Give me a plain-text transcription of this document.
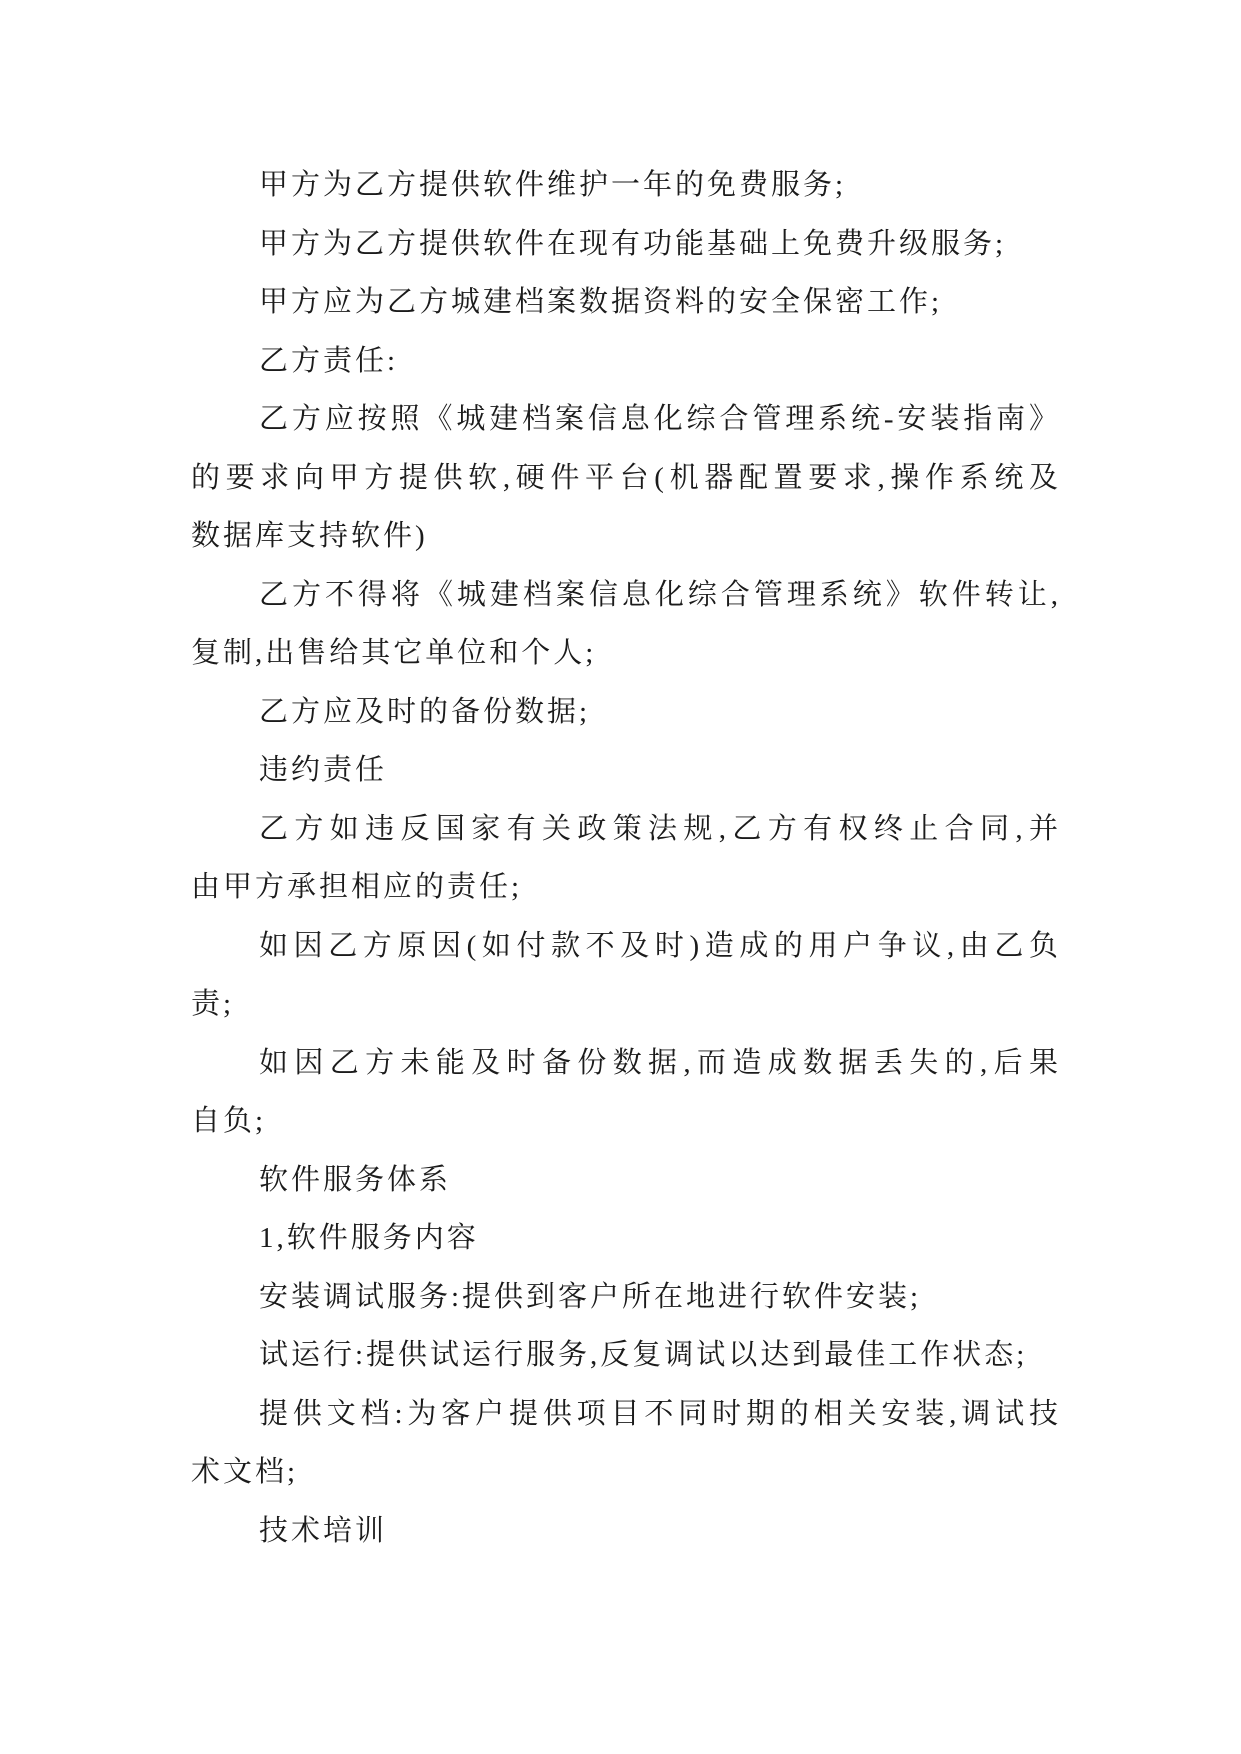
甲方为乙方提供软件维护一年的免费服务;
甲方为乙方提供软件在现有功能基础上免费升级服务;
甲方应为乙方城建档案数据资料的安全保密工作;
乙方责任:
乙方应按照《城建档案信息化综合管理系统-安装指南》
的要求向甲方提供软,硬件平台(机器配置要求,操作系统及
数据库支持软件)
乙方不得将《城建档案信息化综合管理系统》软件转让,
复制,出售给其它单位和个人;
乙方应及时的备份数据;
违约责任
乙方如违反国家有关政策法规,乙方有权终止合同,并
由甲方承担相应的责任;
如因乙方原因(如付款不及时)造成的用户争议,由乙负
责;
如因乙方未能及时备份数据,而造成数据丢失的,后果
自负;
软件服务体系
1,软件服务内容
安装调试服务:提供到客户所在地进行软件安装;
试运行:提供试运行服务,反复调试以达到最佳工作状态;
提供文档:为客户提供项目不同时期的相关安装,调试技
术文档;
技术培训
